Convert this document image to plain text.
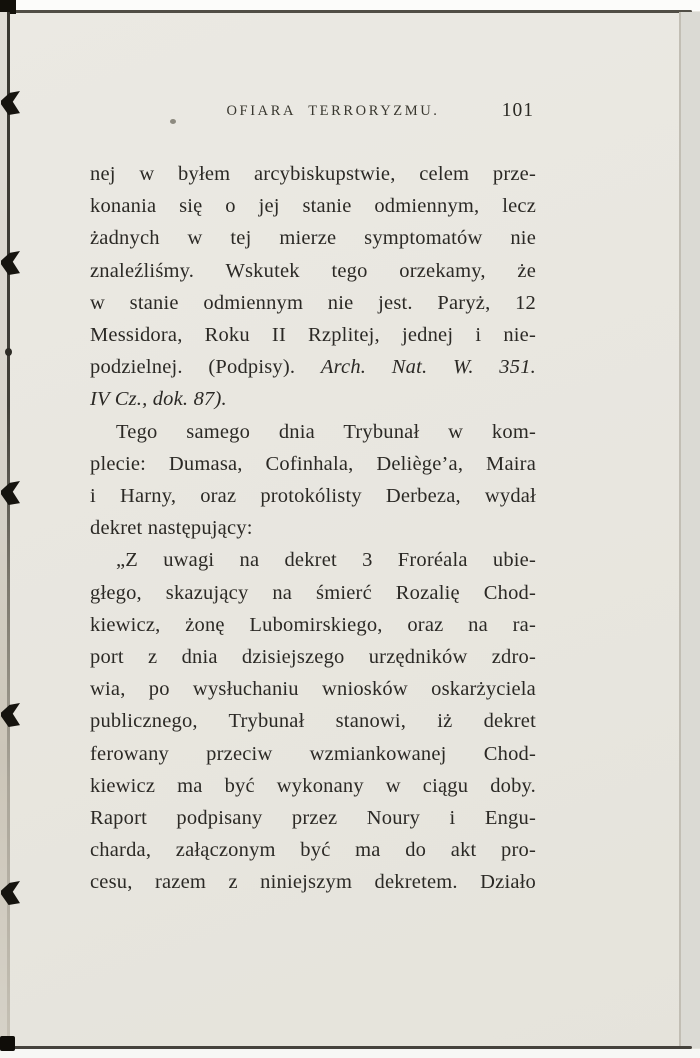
OFIARA TERRORYZMU.	101
nej w byłem arcybiskupstwie, celem prze-
konania się o jej stanie odmiennym, lecz
żadnych w tej mierze symptomatów nie
znaleźliśmy. Wskutek tego orzekamy, że
w stanie odmiennym nie jest. Paryż, 12
Messidora, Roku II Rzplitej, jednej i nie-
podzielnej. (Podpisy). Arch. Nat. W. 351.
IV Cz., dok. 87).
Tego samego dnia Trybunał w kom-
plecie: Dumasa, Cofinhala, Deliège’a, Maira
i Harny, oraz protokólisty Derbeza, wydał
dekret następujący:
„Z uwagi na dekret 3 Froréala ubie-
głego, skazujący na śmierć Rozalię Chod-
kiewicz, żonę Lubomirskiego, oraz na ra-
port z dnia dzisiejszego urzędników zdro-
wia, po wysłuchaniu wniosków oskarżyciela
publicznego, Trybunał stanowi, iż dekret
ferowany przeciw wzmiankowanej Chod-
kiewicz ma być wykonany w ciągu doby.
Raport podpisany przez Noury i Engu-
charda, załączonym być ma do akt pro-
cesu, razem z niniejszym dekretem. Działo
